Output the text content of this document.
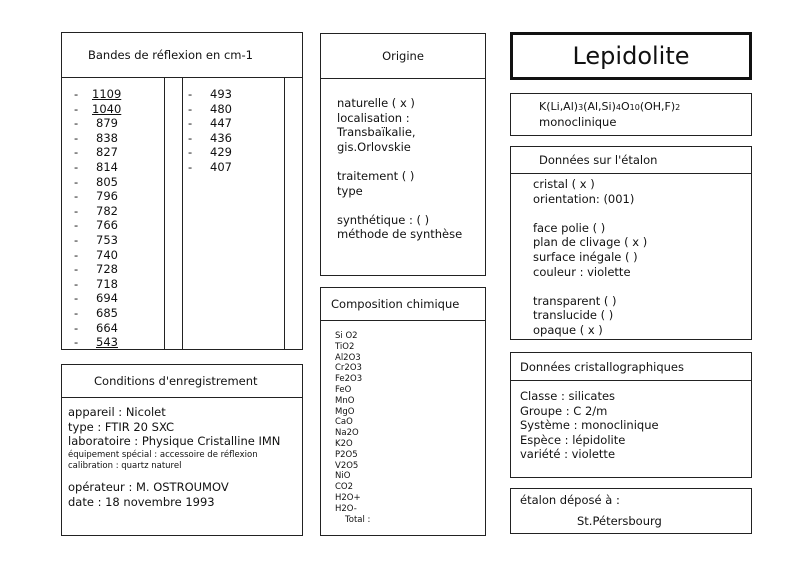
Bandes de réflexion en cm-1
- 1109
- 1040
- 879
- 838
- 827
- 814
- 805
- 796
- 782
- 766
- 753
- 740
- 728
- 718
- 694
- 685
- 664
- 543
- 493
- 480
- 447
- 436
- 429
- 407
Origine
naturelle ( x )
localisation :
Transbaïkalie,
gis.Orlovskie

traitement ( )
type

synthétique : ( )
méthode de synthèse
Lepidolite
K(Li,Al)3(Al,Si)4O10(OH,F)2
monoclinique
Données sur l'étalon
cristal ( x )
orientation: (001)

face polie ( )
plan de clivage ( x )
surface inégale ( )
couleur : violette

transparent ( )
translucide ( )
opaque ( x )
Composition chimique
Si O2
TiO2
Al2O3
Cr2O3
Fe2O3
FeO
MnO
MgO
CaO
Na2O
K2O
P2O5
V2O5
NiO
CO2
H2O+
H2O-
Total :
Données cristallographiques
Classe : silicates
Groupe : C 2/m
Système : monoclinique
Espèce : lépidolite
variété : violette
étalon déposé à :
St.Pétersbourg
Conditions d'enregistrement
appareil : Nicolet
type : FTIR 20 SXC
laboratoire : Physique Cristalline IMN
équipement spécial : accessoire de réflexion
calibration : quartz naturel
opérateur : M. OSTROUMOV
date : 18 novembre 1993
